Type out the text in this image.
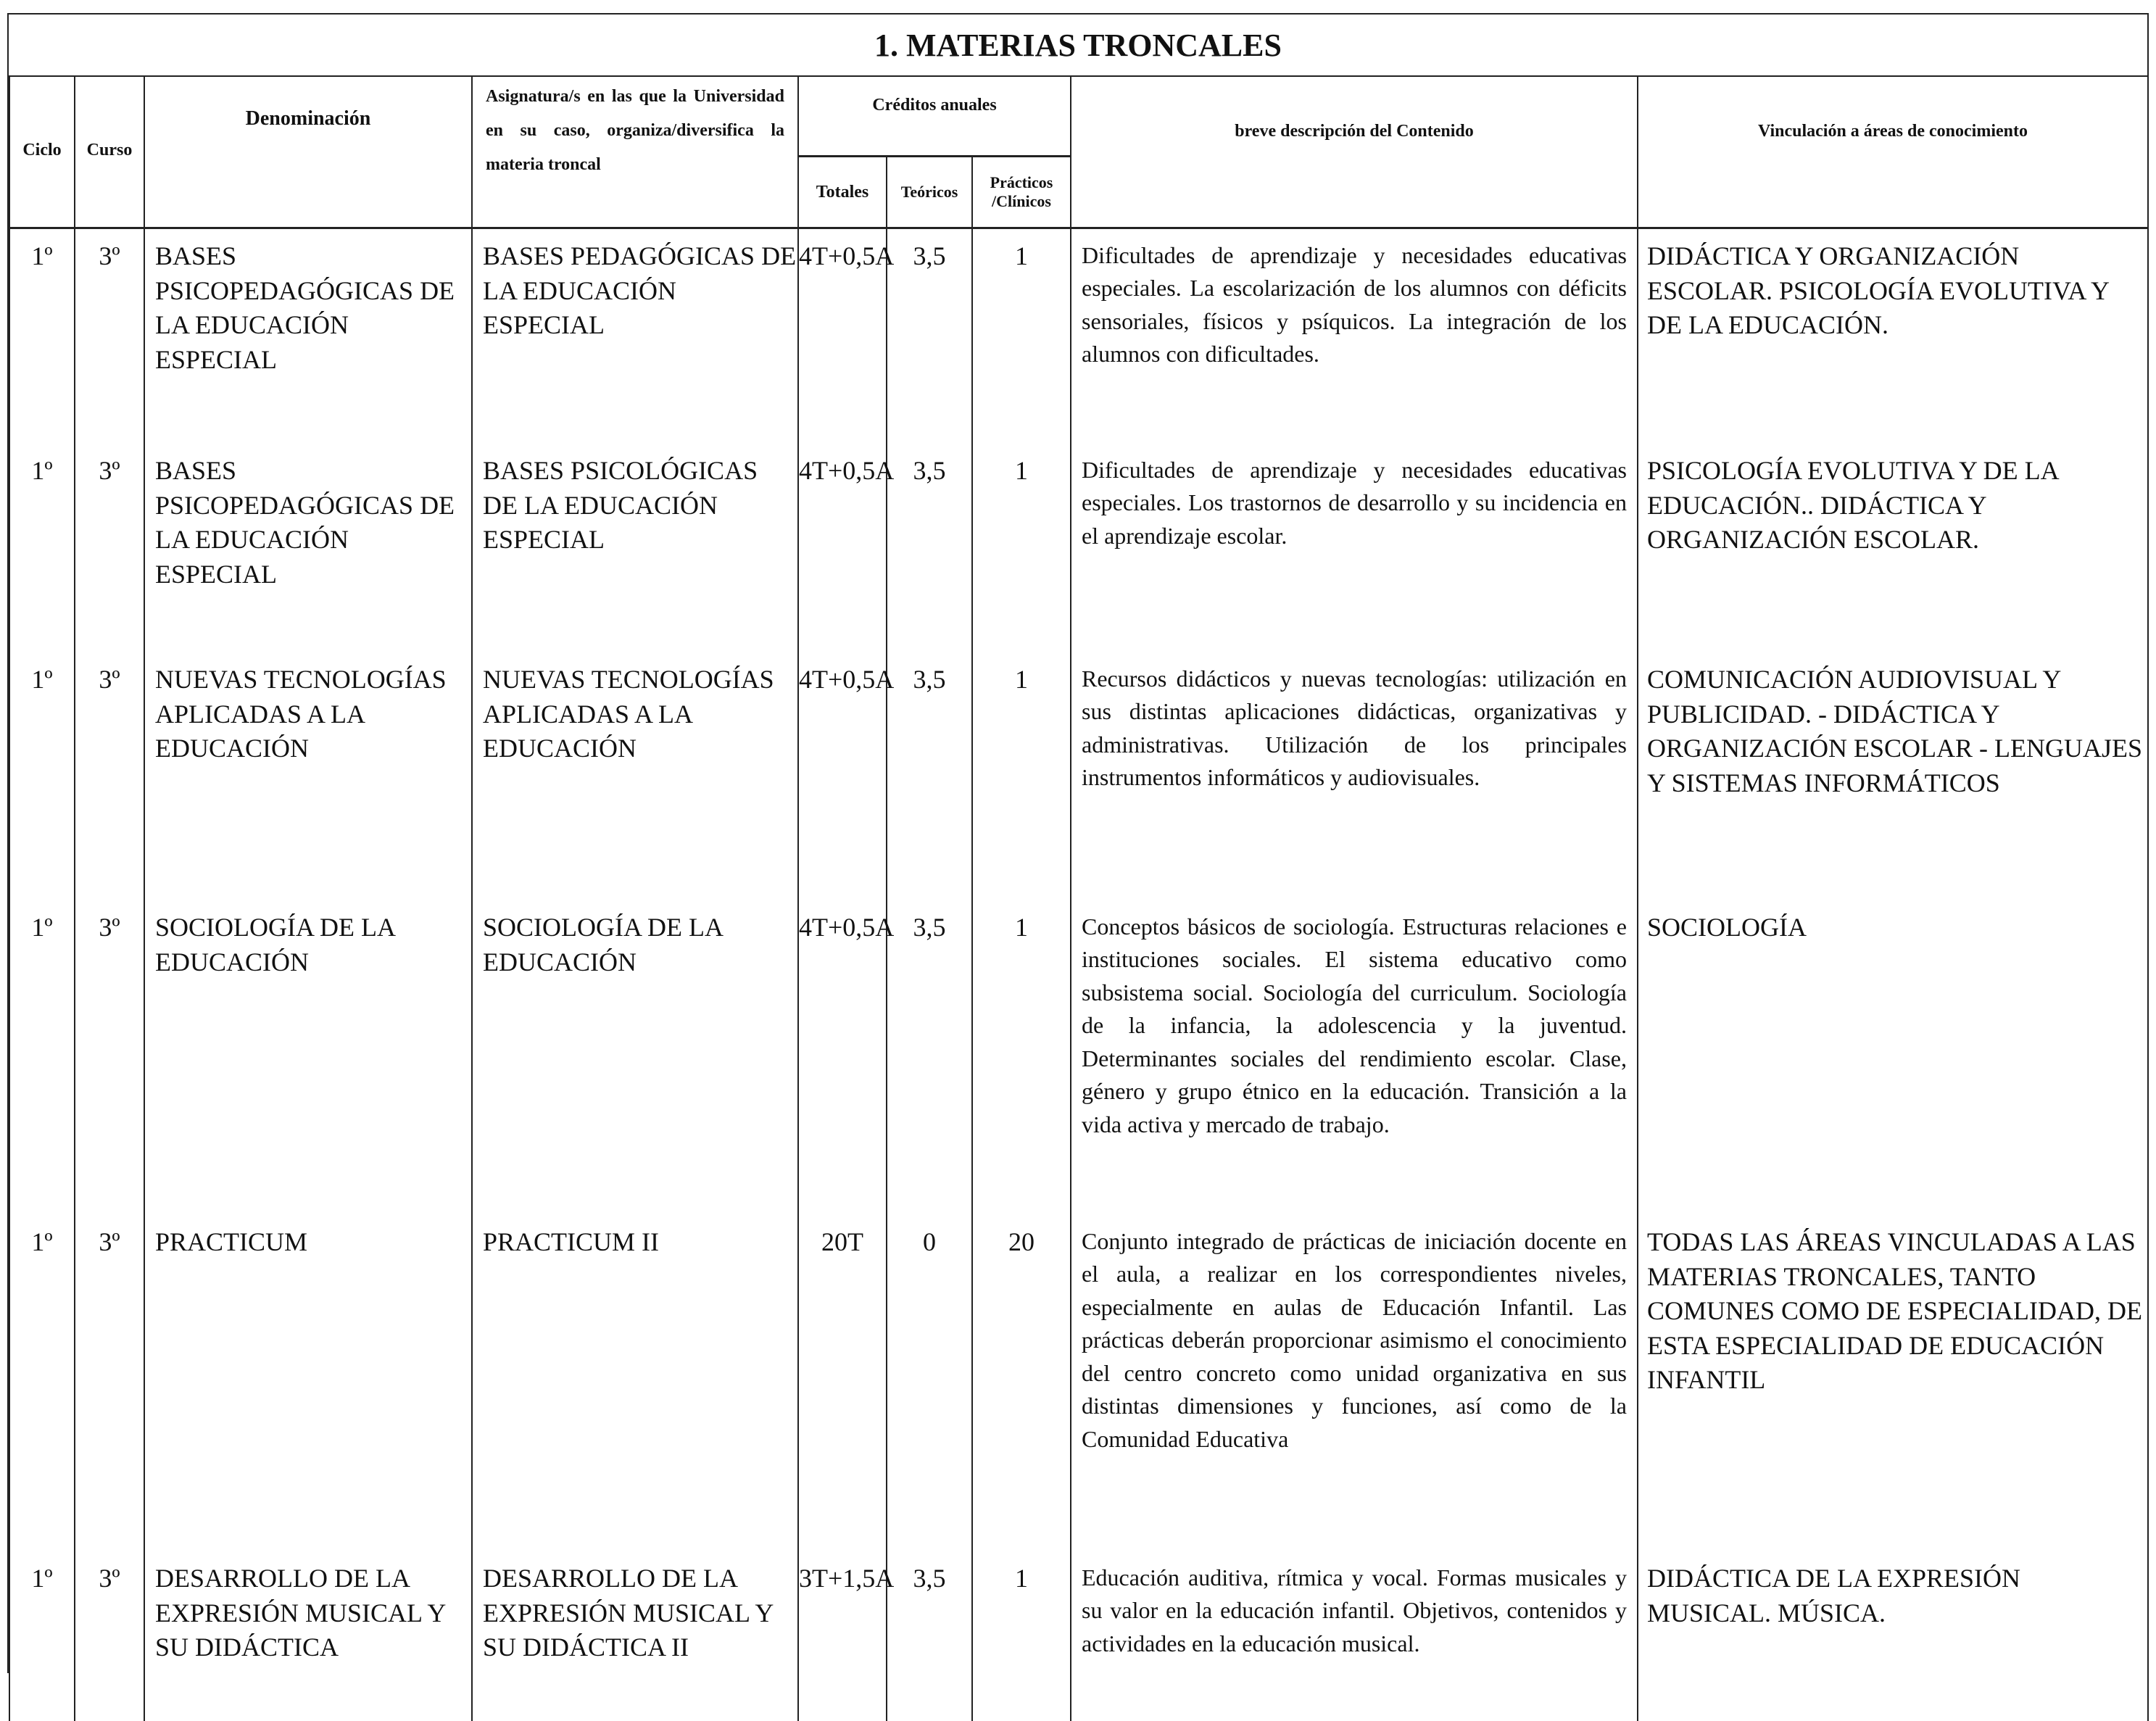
1. MATERIAS TRONCALES
Ciclo	Curso	Denominación	Asignatura/s en las que la Universidad en su caso, organiza/diversifica la materia troncal	Créditos anuales			breve descripción del Contenido	Vinculación a áreas de conocimiento

				Totales	Teóricos	Prácticos /Clínicos		

1º	3º	BASES PSICOPEDAGÓGICAS DE LA EDUCACIÓN ESPECIAL	BASES PEDAGÓGICAS DE LA EDUCACIÓN ESPECIAL	4T+0,5A	3,5	1	Dificultades de aprendizaje y necesidades educativas especiales. La escolarización de los alumnos con déficits sensoriales, físicos y psíquicos. La integración de los alumnos con dificultades.	DIDÁCTICA Y ORGANIZACIÓN ESCOLAR. PSICOLOGÍA EVOLUTIVA Y DE LA EDUCACIÓN.
1º	3º	BASES PSICOPEDAGÓGICAS DE LA EDUCACIÓN ESPECIAL	BASES PSICOLÓGICAS DE LA EDUCACIÓN ESPECIAL	4T+0,5A	3,5	1	Dificultades de aprendizaje y necesidades educativas especiales. Los trastornos de desarrollo y su incidencia en el aprendizaje escolar.	PSICOLOGÍA EVOLUTIVA Y DE LA EDUCACIÓN.. DIDÁCTICA Y ORGANIZACIÓN ESCOLAR.
1º	3º	NUEVAS TECNOLOGÍAS APLICADAS A LA EDUCACIÓN	NUEVAS TECNOLOGÍAS APLICADAS A LA EDUCACIÓN	4T+0,5A	3,5	1	Recursos didácticos y nuevas tecnologías: utilización en sus distintas aplicaciones didácticas, organizativas y administrativas. Utilización de los principales instrumentos informáticos y audiovisuales.	COMUNICACIÓN AUDIOVISUAL Y PUBLICIDAD. - DIDÁCTICA Y ORGANIZACIÓN ESCOLAR - LENGUAJES Y SISTEMAS INFORMÁTICOS
1º	3º	SOCIOLOGÍA DE LA EDUCACIÓN	SOCIOLOGÍA DE LA EDUCACIÓN	4T+0,5A	3,5	1	Conceptos básicos de sociología. Estructuras relaciones e instituciones sociales. El sistema educativo como subsistema social. Sociología del curriculum. Sociología de la infancia, la adolescencia y la juventud. Determinantes sociales del rendimiento escolar. Clase, género y grupo étnico en la educación. Transición a la vida activa y mercado de trabajo.	SOCIOLOGÍA
1º	3º	PRACTICUM	PRACTICUM II	20T	0	20	Conjunto integrado de prácticas de iniciación docente en el aula, a realizar en los correspondientes niveles, especialmente en aulas de Educación Infantil. Las prácticas deberán proporcionar asimismo el conocimiento del centro concreto como unidad organizativa en sus distintas dimensiones y funciones, así como de la Comunidad Educativa	TODAS LAS ÁREAS VINCULADAS A LAS MATERIAS TRONCALES, TANTO COMUNES COMO DE ESPECIALIDAD, DE ESTA ESPECIALIDAD DE EDUCACIÓN INFANTIL
1º	3º	DESARROLLO DE LA EXPRESIÓN MUSICAL Y SU DIDÁCTICA	DESARROLLO DE LA EXPRESIÓN MUSICAL Y SU DIDÁCTICA II	3T+1,5A	3,5	1	Educación auditiva, rítmica y vocal. Formas musicales y su valor en la educación infantil. Objetivos, contenidos y actividades en la educación musical.	DIDÁCTICA DE LA EXPRESIÓN MUSICAL. MÚSICA.
